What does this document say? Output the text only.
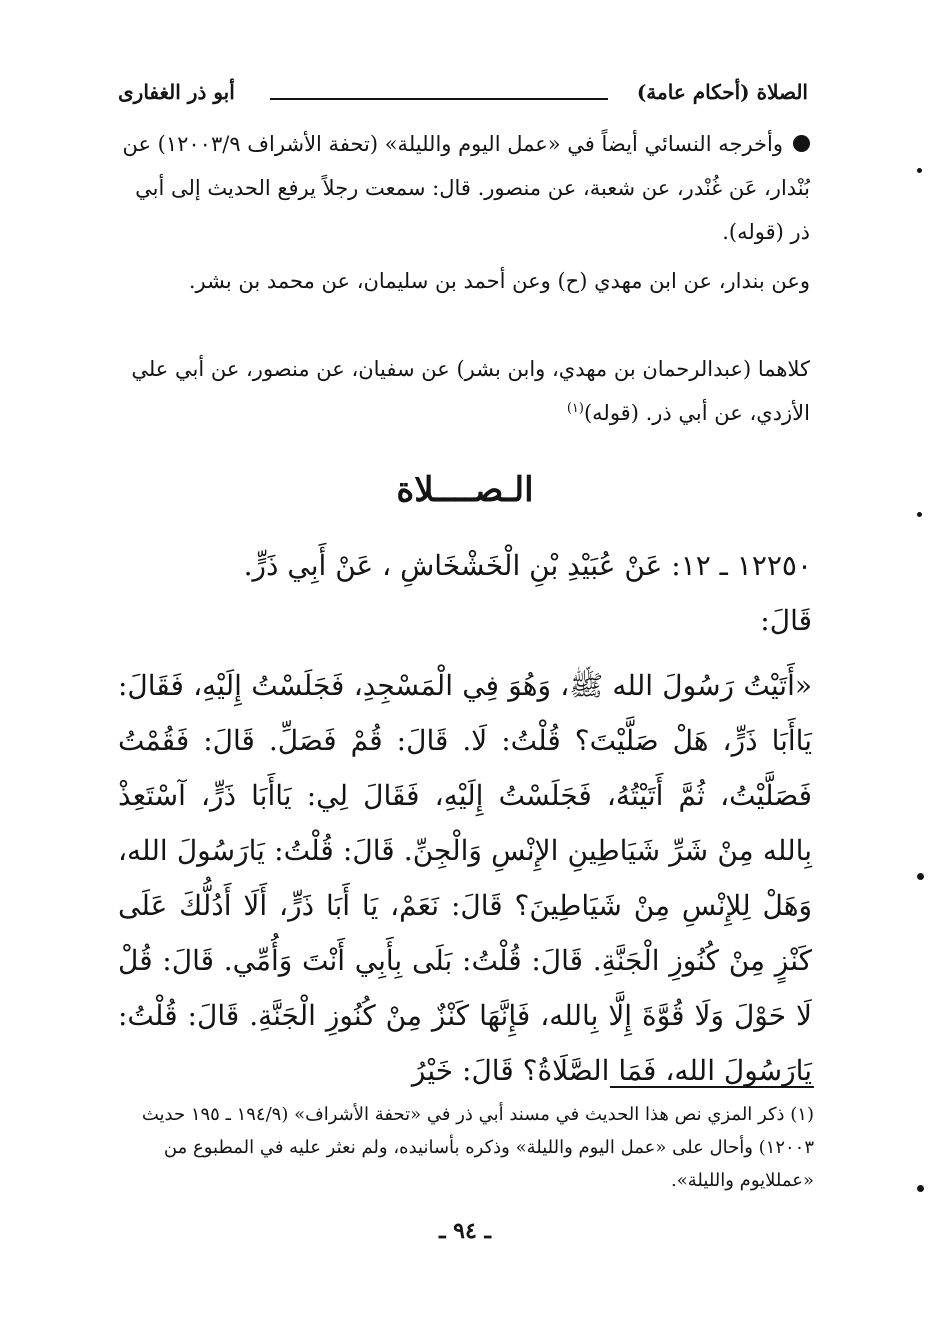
الصلاة (أحكام عامة)
أبو ذر الغفارى
وأخرجه النسائي أيضاً في «عمل اليوم والليلة» (تحفة الأشراف ١٢٠٠٣/٩) عن بُنْدار، عَن غُنْدر، عن شعبة، عن منصور. قال: سمعت رجلاً يرفع الحديث إلى أبي ذر (قوله).
وعن بندار، عن ابن مهدي (ح) وعن أحمد بن سليمان، عن محمد بن بشر.
كلاهما (عبدالرحمان بن مهدي، وابن بشر) عن سفيان، عن منصور، عن أبي علي الأزدي، عن أبي ذر. (قوله)$^{(١)}$
الـصــــلاة
١٢٢٥٠ ـ ١٢: عَنْ عُبَيْدِ بْنِ الْخَشْخَاشِ ، عَنْ أَبِي ذَرٍّ.
قَالَ:
«أَتَيْتُ رَسُولَ الله ﷺ، وَهُوَ فِي الْمَسْجِدِ، فَجَلَسْتُ إِلَيْهِ، فَقَالَ: يَاأَبَا ذَرٍّ، هَلْ صَلَّيْتَ؟ قُلْتُ: لَا. قَالَ: قُمْ فَصَلِّ. قَالَ: فَقُمْتُ فَصَلَّيْتُ، ثُمَّ أَتَيْتُهُ، فَجَلَسْتُ إِلَيْهِ، فَقَالَ لِي: يَاأَبَا ذَرٍّ، آسْتَعِذْ بِالله مِنْ شَرِّ شَيَاطِينِ الإِنْسِ وَالْجِنِّ. قَالَ: قُلْتُ: يَارَسُولَ الله، وَهَلْ لِلإِنْسِ مِنْ شَيَاطِينَ؟ قَالَ: نَعَمْ، يَا أَبَا ذَرٍّ، أَلَا أَدُلُّكَ عَلَى كَنْزٍ مِنْ كُنُوزِ الْجَنَّةِ. قَالَ: قُلْتُ: بَلَى بِأَبِي أَنْتَ وَأُمِّي. قَالَ: قُلْ لَا حَوْلَ وَلَا قُوَّةَ إِلَّا بِالله، فَإِنَّهَا كَنْزٌ مِنْ كُنُوزِ الْجَنَّةِ. قَالَ: قُلْتُ: يَارَسُولَ الله، فَمَا الصَّلَاةُ؟ قَالَ: خَيْرُ
(١) ذكر المزي نص هذا الحديث في مسند أبي ذر في «تحفة الأشراف» (١٩٤/٩ ـ ١٩٥ حديث ١٢٠٠٣) وأحال على «عمل اليوم والليلة» وذكره بأسانيده، ولم نعثر عليه في المطبوع من «عمللايوم والليلة».
ـ ٩٤ ـ
